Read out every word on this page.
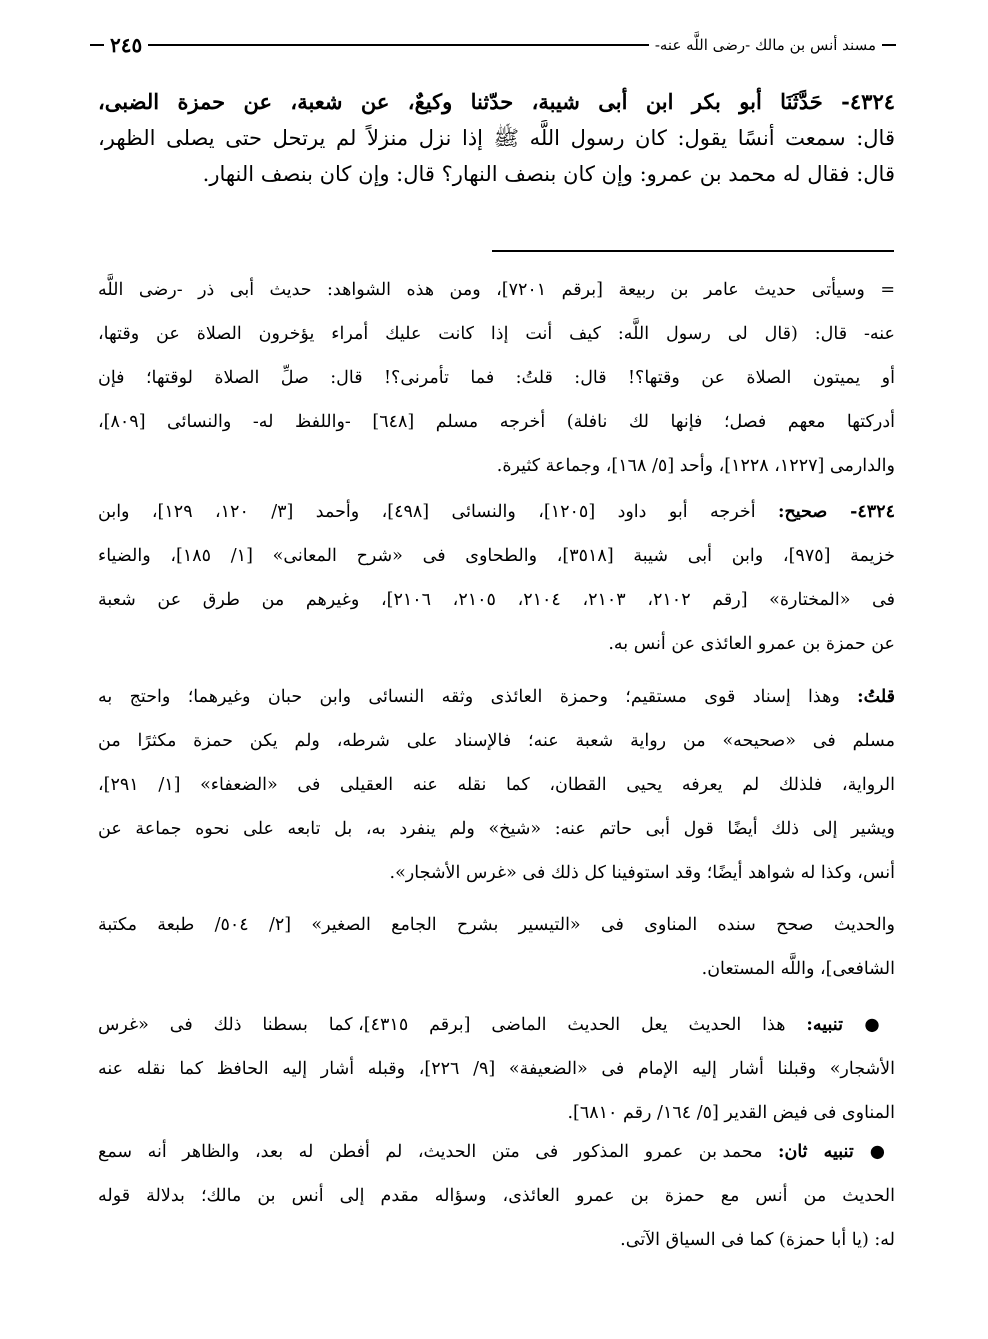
مسند أنس بن مالك -رضى اللَّه عنه-
٢٤٥
٤٣٢٤- حَدَّثَنَا أبو بكر ابن أبى شيبة، حدّثنا وكيعٌ، عن شعبة، عن حمزة الضبى،
قال: سمعت أنسًا يقول: كان رسول اللَّه ﷺ إذا نزل منزلاً لم يرتحل حتى يصلى الظهر،
قال: فقال له محمد بن عمرو: وإن كان بنصف النهار؟ قال: وإن كان بنصف النهار.
= وسيأتى حديث عامر بن ربيعة [برقم ٧٢٠١]، ومن هذه الشواهد: حديث أبى ذر -رضى اللَّه
عنه- قال: (قال لى رسول اللَّه: كيف أنت إذا كانت عليك أمراء يؤخرون الصلاة عن وقتها،
أو يميتون الصلاة عن وقتها؟! قال: قلتُ: فما تأمرنى؟! قال: صلِّ الصلاة لوقتها؛ فإن
أدركتها معهم فصل؛ فإنها لك نافلة) أخرجه مسلم [٦٤٨] -واللفظ له- والنسائى [٨٠٩]،
والدارمى [١٢٢٧، ١٢٢٨]، وأحد [٥/ ١٦٨]، وجماعة كثيرة.
٤٣٢٤- صحيح: أخرجه أبو داود [١٢٠٥]، والنسائى [٤٩٨]، وأحمد [٣/ ١٢٠، ١٢٩]، وابن
خزيمة [٩٧٥]، وابن أبى شيبة [٣٥١٨]، والطحاوى فى «شرح المعانى» [١/ ١٨٥]، والضياء
فى «المختارة» [رقم ٢١٠٢، ٢١٠٣، ٢١٠٤، ٢١٠٥، ٢١٠٦]، وغيرهم من طرق عن شعبة
عن حمزة بن عمرو العائذى عن أنس به.
قلتُ: وهذا إسناد قوى مستقيم؛ وحمزة العائذى وثقه النسائى وابن حبان وغيرهما؛ واحتج به
مسلم فى «صحيحه» من رواية شعبة عنه؛ فالإسناد على شرطه، ولم يكن حمزة مكثرًا من
الرواية، فلذلك لم يعرفه يحيى القطان، كما نقله عنه العقيلى فى «الضعفاء» [١/ ٢٩١]،
ويشير إلى ذلك أيضًا قول أبى حاتم عنه: «شيخ» ولم ينفرد به، بل تابعه على نحوه جماعة عن
أنس، وكذا له شواهد أيضًا؛ وقد استوفينا كل ذلك فى «غرس الأشجار».
والحديث صحح سنده المناوى فى «التيسير بشرح الجامع الصغير» [٢/ ٥٠٤/ طبعة مكتبة
الشافعى]، واللَّه المستعان.
● تنبيه: هذا الحديث يعل الحديث الماضى [برقم ٤٣١٥]، كما بسطنا ذلك فى «غرس
الأشجار» وقبلنا أشار إليه الإمام فى «الضعيفة» [٩/ ٢٢٦]، وقبله أشار إليه الحافظ كما نقله عنه
المناوى فى فيض القدير [٥/ ١٦٤/ رقم ٦٨١٠].
● تنبيه ثان: محمد بن عمرو المذكور فى متن الحديث، لم أفطن له بعد، والظاهر أنه سمع
الحديث من أنس مع حمزة بن عمرو العائذى، وسؤاله مقدم إلى أنس بن مالك؛ بدلالة قوله
له: (يا أبا حمزة) كما فى السياق الآتى.
